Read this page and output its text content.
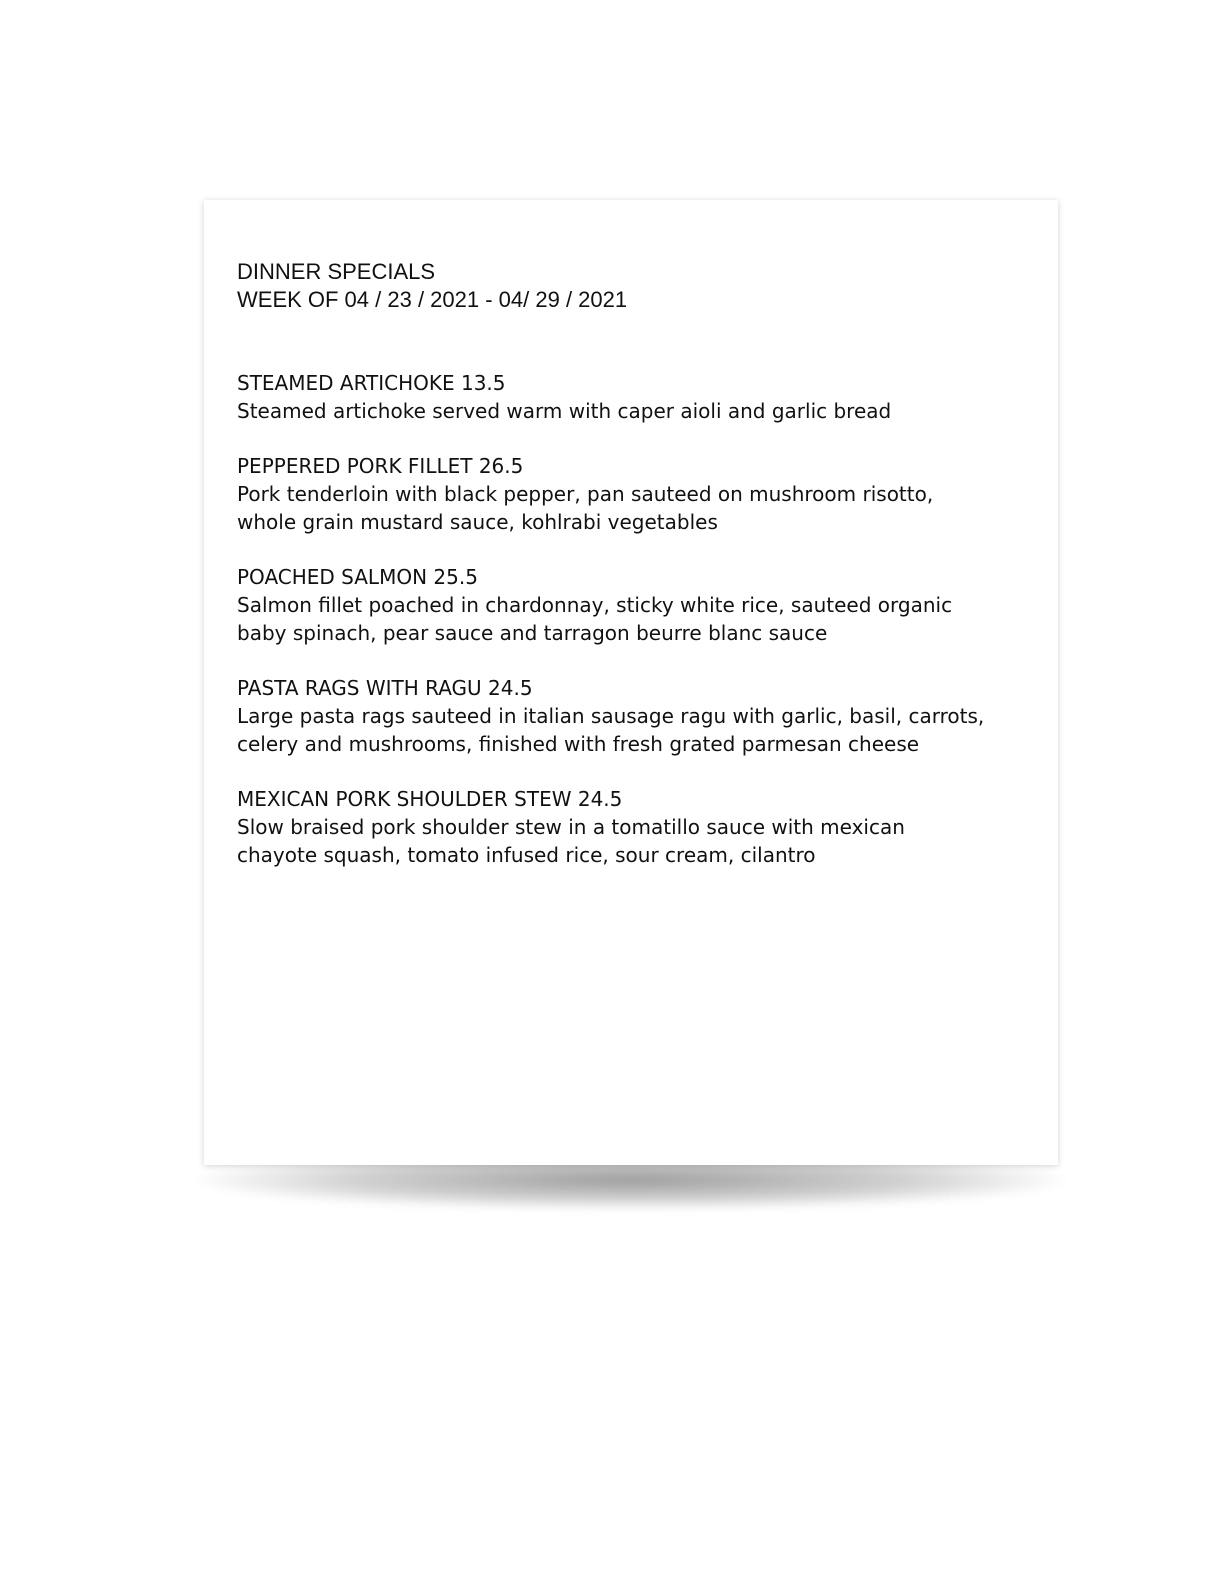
DINNER SPECIALS
WEEK OF 04 / 23 / 2021 - 04/ 29 / 2021
STEAMED ARTICHOKE 13.5
Steamed artichoke served warm with caper aioli and garlic bread
PEPPERED PORK FILLET 26.5
Pork tenderloin with black pepper, pan sauteed on mushroom risotto,
whole grain mustard sauce, kohlrabi vegetables
POACHED SALMON 25.5
Salmon fillet poached in chardonnay, sticky white rice, sauteed organic
baby spinach, pear sauce and tarragon beurre blanc sauce
PASTA RAGS WITH RAGU 24.5
Large pasta rags sauteed in italian sausage ragu with garlic, basil, carrots,
celery and mushrooms, finished with fresh grated parmesan cheese
MEXICAN PORK SHOULDER STEW 24.5
Slow braised pork shoulder stew in a tomatillo sauce with mexican
chayote squash, tomato infused rice, sour cream, cilantro
